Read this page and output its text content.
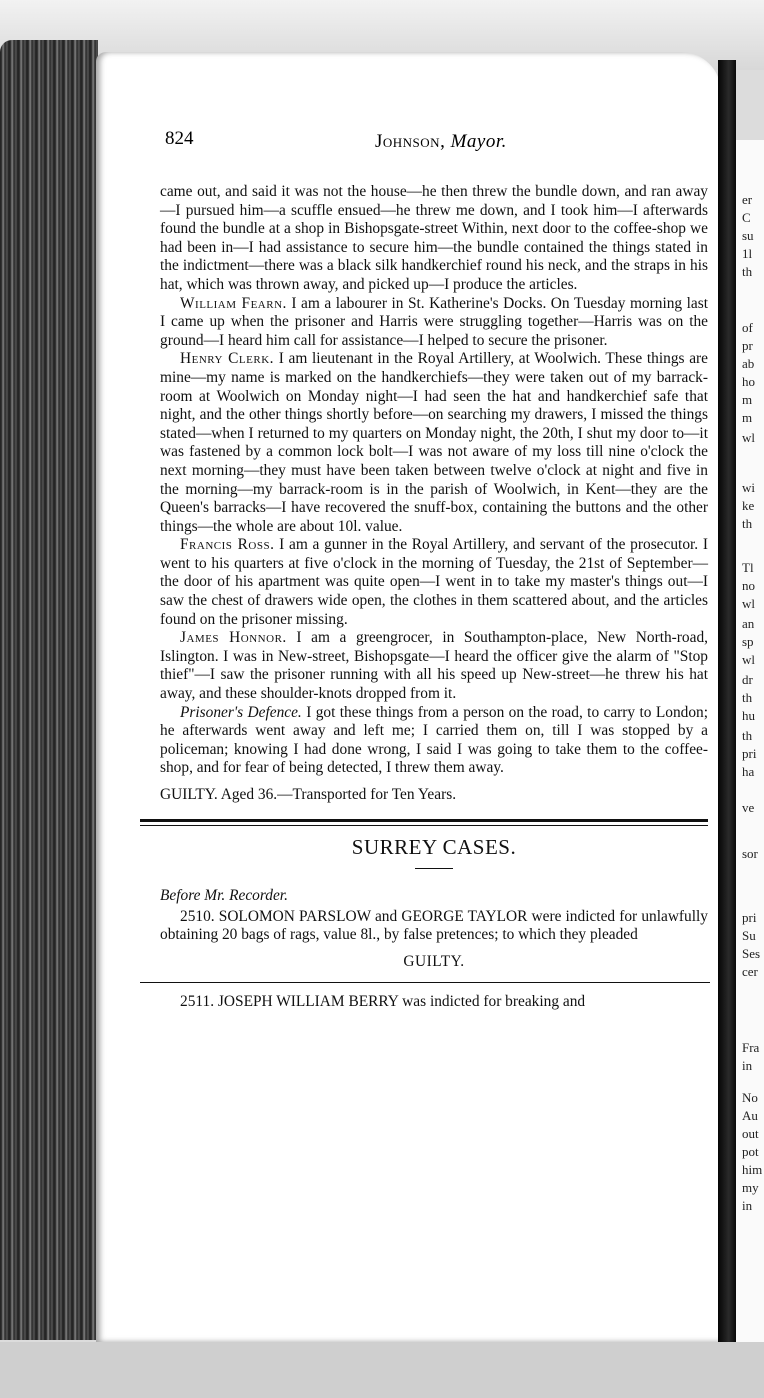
er
C
su
1l
th
of
pr
ab
ho
m
m
wl
wi
ke
th
Tl
no
wl
an
sp
wl
dr
th
hu
th
pri
ha
ve
sor
pri
Su
Ses
cer
Fra
in
No
Au
out
pot
him
my
in
824	Johnson, Mayor.

came out, and said it was not the house—he then threw the bundle down, and ran away—I pursued him—a scuffle ensued—he threw me down, and I took him—I afterwards found the bundle at a shop in Bishopsgate-street Within, next door to the coffee-shop we had been in—I had assistance to secure him—the bundle contained the things stated in the indictment—there was a black silk handkerchief round his neck, and the straps in his hat, which was thrown away, and picked up—I produce the articles.

William Fearn. I am a labourer in St. Katherine's Docks. On Tuesday morning last I came up when the prisoner and Harris were struggling together—Harris was on the ground—I heard him call for assistance—I helped to secure the prisoner.

Henry Clerk. I am lieutenant in the Royal Artillery, at Woolwich. These things are mine—my name is marked on the handkerchiefs—they were taken out of my barrack-room at Woolwich on Monday night—I had seen the hat and handkerchief safe that night, and the other things shortly before—on searching my drawers, I missed the things stated—when I returned to my quarters on Monday night, the 20th, I shut my door to—it was fastened by a common lock bolt—I was not aware of my loss till nine o'clock the next morning—they must have been taken between twelve o'clock at night and five in the morning—my barrack-room is in the parish of Woolwich, in Kent—they are the Queen's barracks—I have recovered the snuff-box, containing the buttons and the other things—the whole are about 10l. value.

Francis Ross. I am a gunner in the Royal Artillery, and servant of the prosecutor. I went to his quarters at five o'clock in the morning of Tuesday, the 21st of September—the door of his apartment was quite open—I went in to take my master's things out—I saw the chest of drawers wide open, the clothes in them scattered about, and the articles found on the prisoner missing.

James Honnor. I am a greengrocer, in Southampton-place, New North-road, Islington. I was in New-street, Bishopsgate—I heard the officer give the alarm of "Stop thief"—I saw the prisoner running with all his speed up New-street—he threw his hat away, and these shoulder-knots dropped from it.

Prisoner's Defence. I got these things from a person on the road, to carry to London; he afterwards went away and left me; I carried them on, till I was stopped by a policeman; knowing I had done wrong, I said I was going to take them to the coffee-shop, and for fear of being detected, I threw them away.

GUILTY. Aged 36.—Transported for Ten Years.

SURREY CASES.

Before Mr. Recorder.

2510. SOLOMON PARSLOW and GEORGE TAYLOR were indicted for unlawfully obtaining 20 bags of rags, value 8l., by false pretences; to which they pleaded

GUILTY.

2511. JOSEPH WILLIAM BERRY was indicted for breaking and
